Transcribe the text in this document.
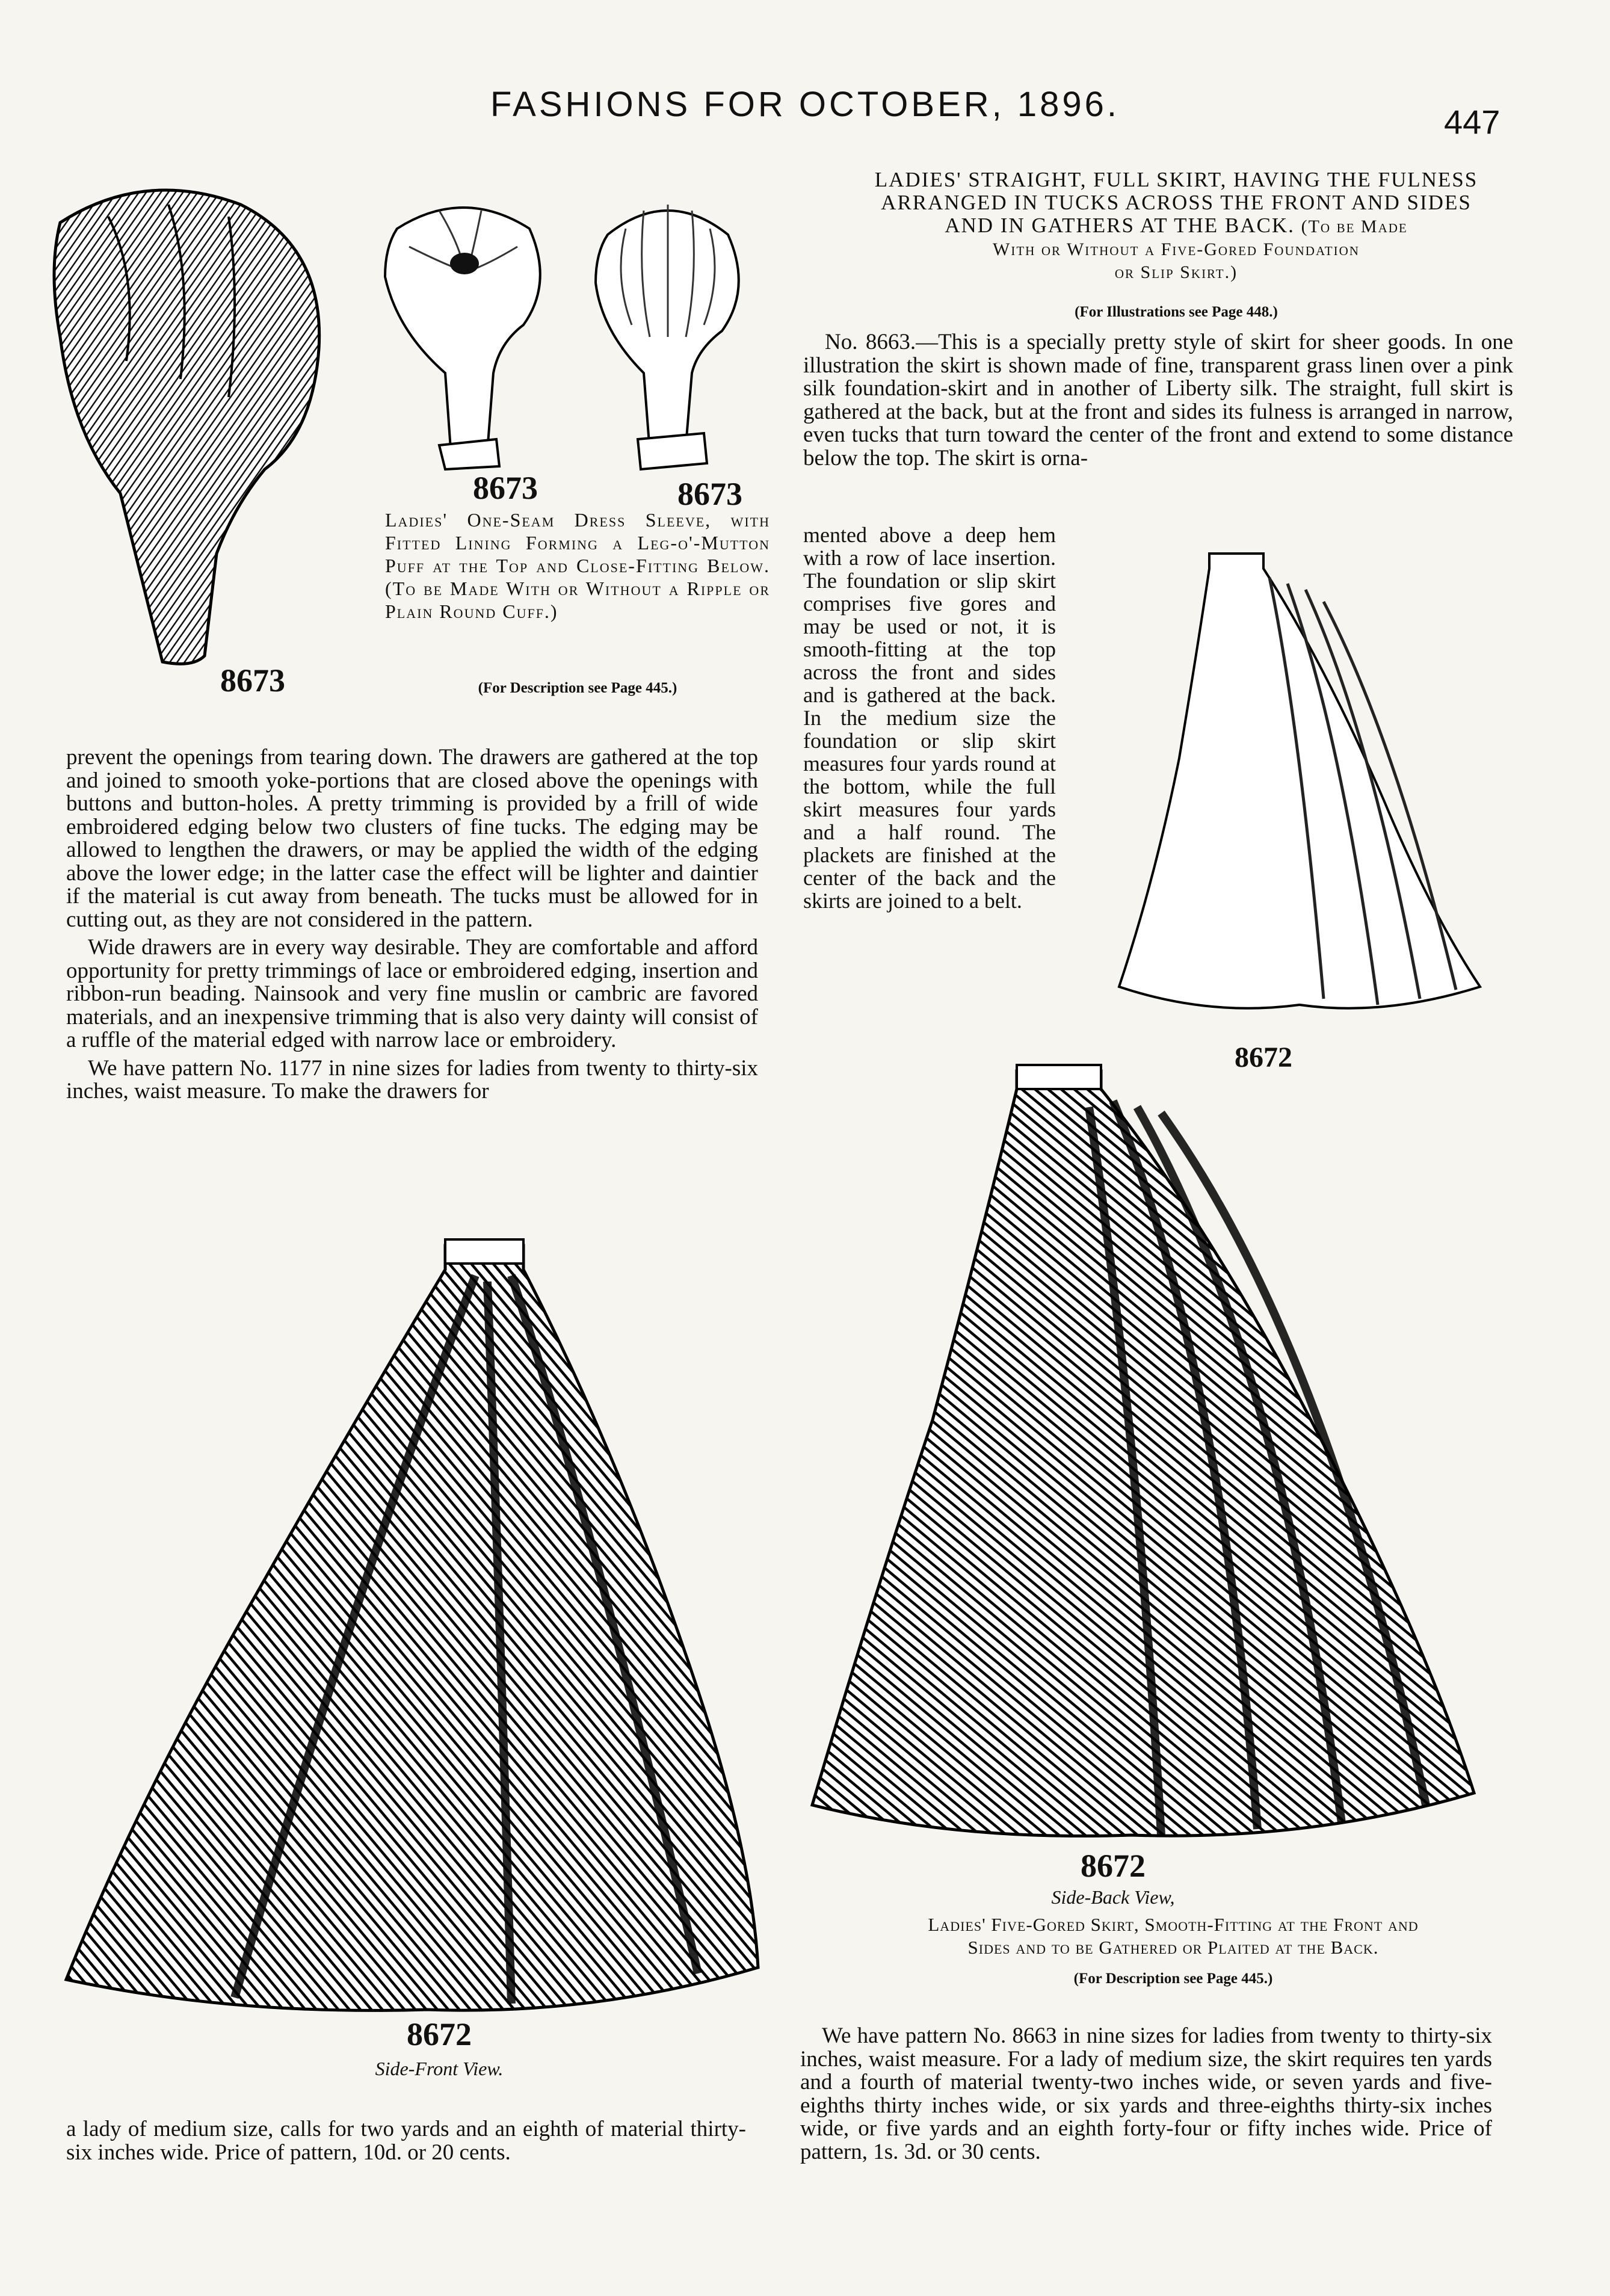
FASHIONS FOR OCTOBER, 1896.	447
8673	8673
8673
Ladies' One-Seam Dress Sleeve, with Fitted Lining Forming a Leg-o'-Mutton Puff at the Top and Close-Fitting Below. (To be Made With or Without a Ripple or Plain Round Cuff.)
(For Description see Page 445.)

prevent the openings from tearing down. The drawers are gathered at the top and joined to smooth yoke-portions that are closed above the openings with buttons and button-holes. A pretty trimming is provided by a frill of wide embroidered edging below two clusters of fine tucks. The edging may be allowed to lengthen the drawers, or may be applied the width of the edging above the lower edge; in the latter case the effect will be lighter and daintier if the material is cut away from beneath. The tucks must be allowed for in cutting out, as they are not considered in the pattern.

Wide drawers are in every way desirable. They are comfortable and afford opportunity for pretty trimmings of lace or embroidered edging, insertion and ribbon-run beading. Nainsook and very fine muslin or cambric are favored materials, and an inexpensive trimming that is also very dainty will consist of a ruffle of the material edged with narrow lace or embroidery.

We have pattern No. 1177 in nine sizes for ladies from twenty to thirty-six inches, waist measure. To make the drawers for

LADIES' STRAIGHT, FULL SKIRT, HAVING THE FULNESS
ARRANGED IN TUCKS ACROSS THE FRONT AND SIDES
AND IN GATHERS AT THE BACK. (To be Made
With or Without a Five-Gored Foundation
or Slip Skirt.)
(For Illustrations see Page 448.)
No. 8663.—This is a specially pretty style of skirt for sheer goods. In one illustration the skirt is shown made of fine, transparent grass linen over a pink silk foundation-skirt and in another of Liberty silk. The straight, full skirt is gathered at the back, but at the front and sides its fulness is arranged in narrow, even tucks that turn toward the center of the front and extend to some distance below the top. The skirt is orna-
mented above a deep hem with a row of lace insertion. The foundation or slip skirt comprises five gores and may be used or not, it is smooth-fitting at the top across the front and sides and is gathered at the back. In the medium size the foundation or slip skirt measures four yards round at the bottom, while the full skirt measures four yards and a half round. The plackets are finished at the center of the back and the skirts are joined to a belt.
8672
8672
Side-Front View.
8672
Side-Back View,
Ladies' Five-Gored Skirt, Smooth-Fitting at the Front and
Sides and to be Gathered or Plaited at the Back.
(For Description see Page 445.)
a lady of medium size, calls for two yards and an eighth of material thirty-six inches wide. Price of pattern, 10d. or 20 cents.
We have pattern No. 8663 in nine sizes for ladies from twenty to thirty-six inches, waist measure. For a lady of medium size, the skirt requires ten yards and a fourth of material twenty-two inches wide, or seven yards and five-eighths thirty inches wide, or six yards and three-eighths thirty-six inches wide, or five yards and an eighth forty-four or fifty inches wide. Price of pattern, 1s. 3d. or 30 cents.
